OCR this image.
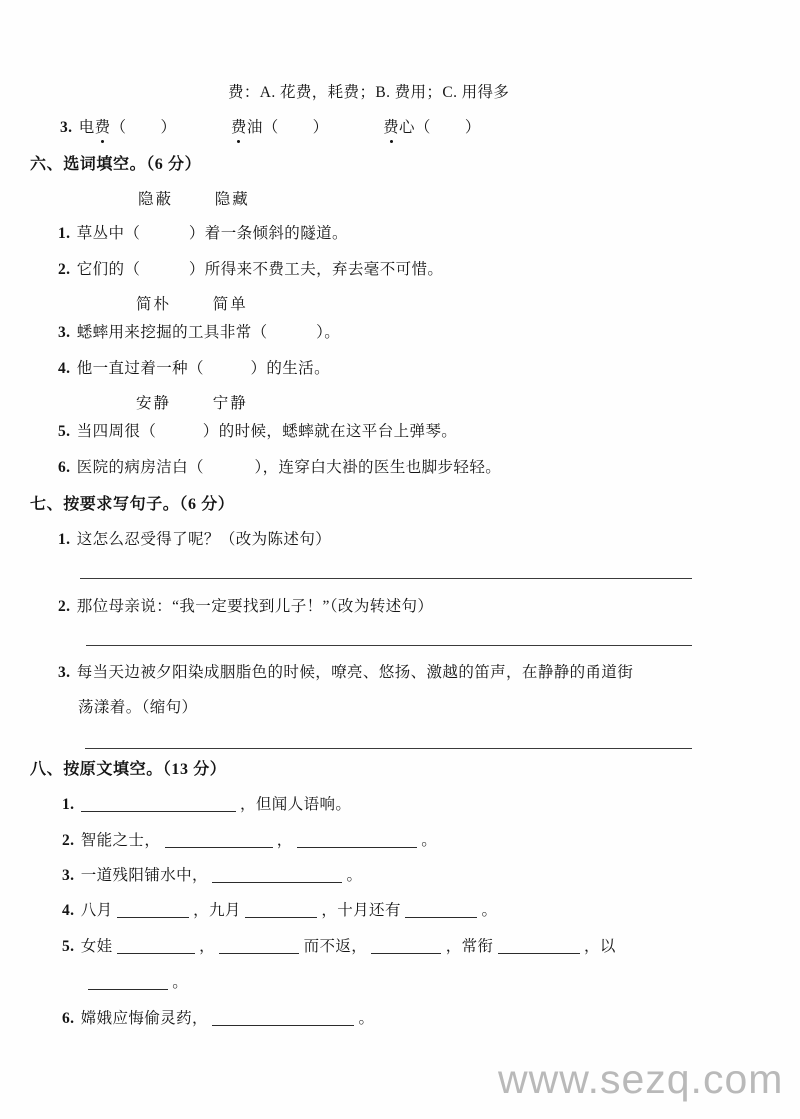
费：A. 花费，耗费；B. 费用；C. 用得多
3. 电费（ ）	费油（ ）	费心（ ）
六、选词填空。（6 分）
隐蔽	隐藏
1. 草丛中（	）着一条倾斜的隧道。
2. 它们的（	）所得来不费工夫，弃去毫不可惜。
简朴	简单
3. 蟋蟀用来挖掘的工具非常（	）。
4. 他一直过着一种（	）的生活。
安静	宁静
5. 当四周很（	）的时候，蟋蟀就在这平台上弹琴。
6. 医院的病房洁白（	），连穿白大褂的医生也脚步轻轻。
七、按要求写句子。（6 分）
1. 这怎么忍受得了呢？（改为陈述句）
2. 那位母亲说：“我一定要找到儿子！”（改为转述句）
3. 每当天边被夕阳染成胭脂色的时候，嘹亮、悠扬、激越的笛声，在静静的甬道街
荡漾着。（缩句）
八、按原文填空。（13 分）
1.	，但闻人语响。
2. 智能之士，	，	。
3. 一道残阳铺水中，	。
4. 八月	，九月	，十月还有	。
5. 女娃	，	而不返，	，常衔	，以
。
6. 嫦娥应悔偷灵药，	。
www.sezq.com
